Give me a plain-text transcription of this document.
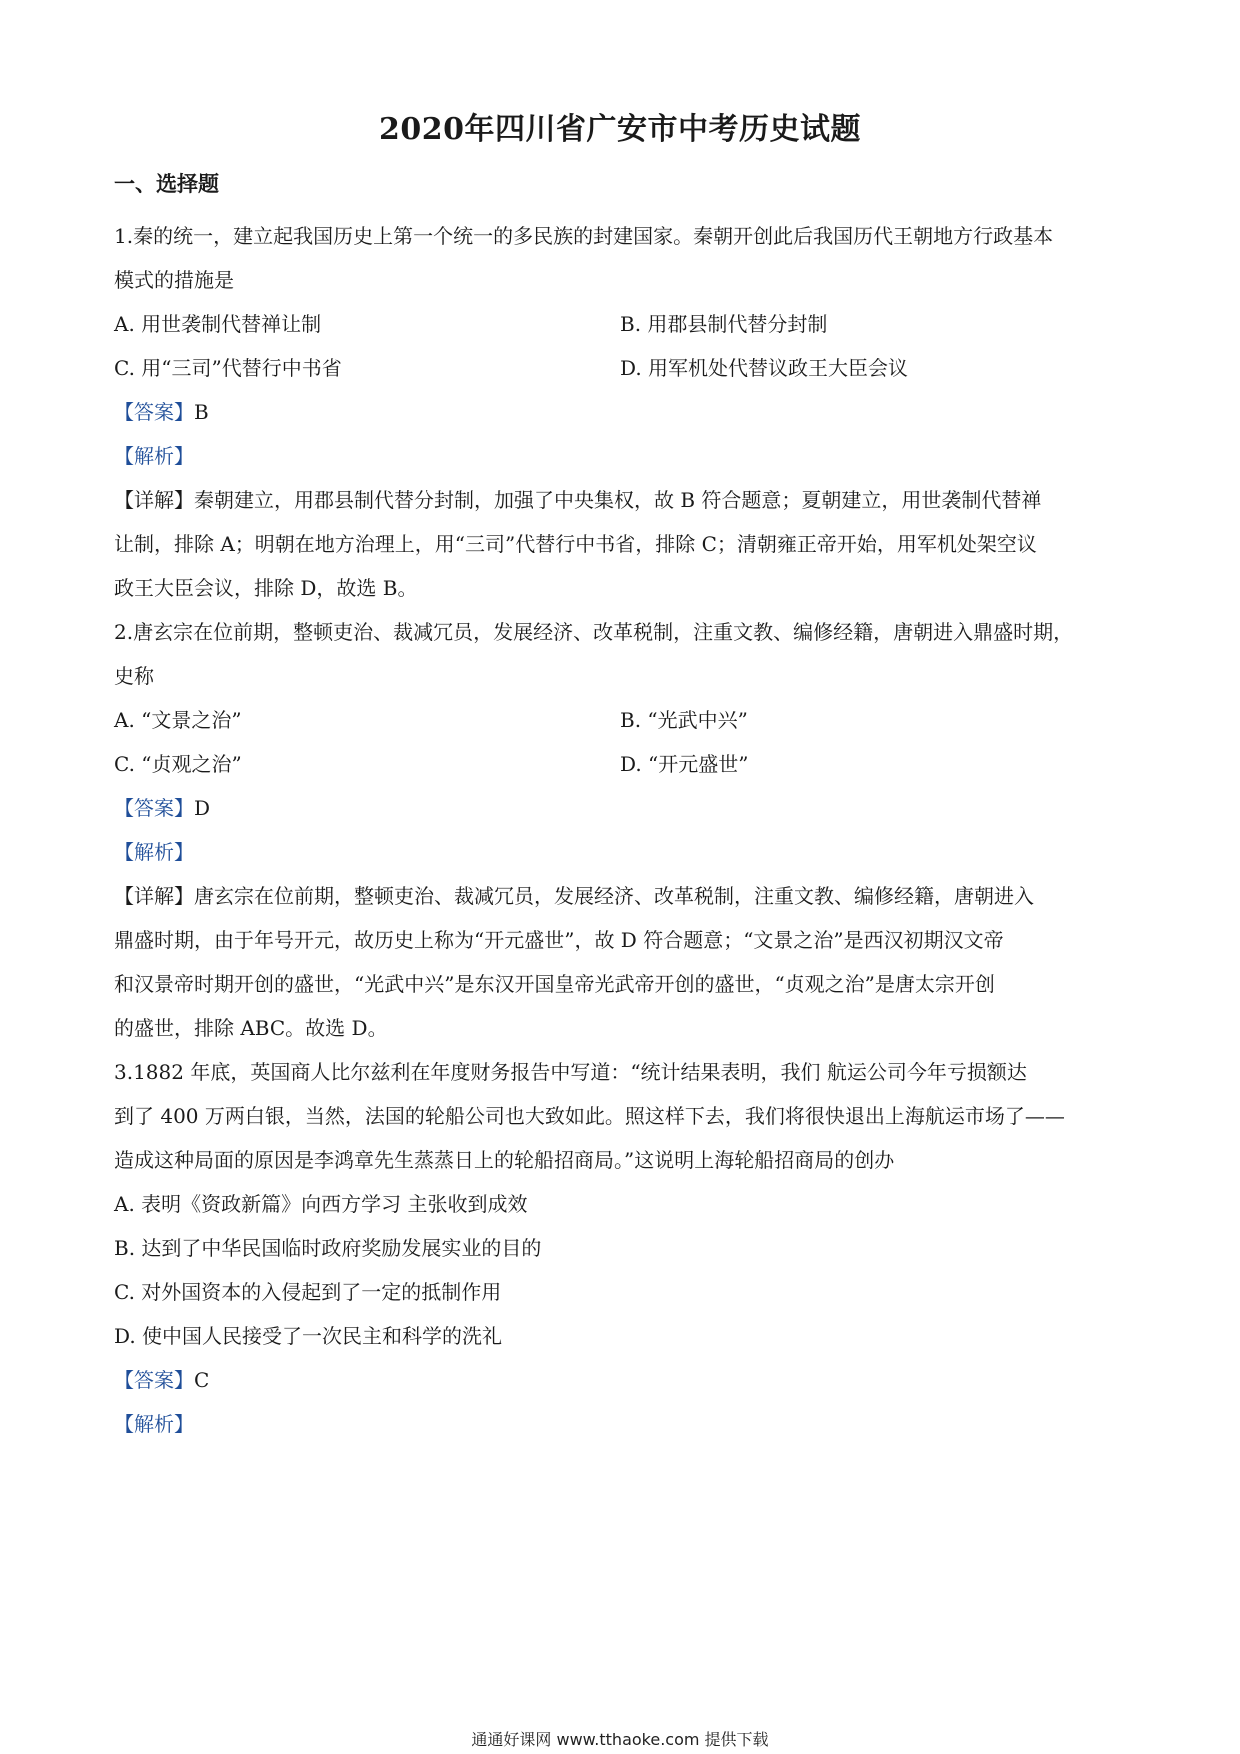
2020年四川省广安市中考历史试题
一、选择题
1.秦的统一，建立起我国历史上第一个统一的多民族的封建国家。秦朝开创此后我国历代王朝地方行政基本
模式的措施是
A. 用世袭制代替禅让制	B. 用郡县制代替分封制
C. 用“三司”代替行中书省	D. 用军机处代替议政王大臣会议
【答案】B
【解析】
【详解】秦朝建立，用郡县制代替分封制，加强了中央集权，故 B 符合题意；夏朝建立，用世袭制代替禅
让制，排除 A；明朝在地方治理上，用“三司”代替行中书省，排除 C；清朝雍正帝开始，用军机处架空议
政王大臣会议，排除 D，故选 B。
2.唐玄宗在位前期，整顿吏治、裁减冗员，发展经济、改革税制，注重文教、编修经籍，唐朝进入鼎盛时期，
史称
A. “文景之治”	B. “光武中兴”
C. “贞观之治”	D. “开元盛世”
【答案】D
【解析】
【详解】唐玄宗在位前期，整顿吏治、裁减冗员，发展经济、改革税制，注重文教、编修经籍，唐朝进入
鼎盛时期，由于年号开元，故历史上称为“开元盛世”，故 D 符合题意；“文景之治”是西汉初期汉文帝
和汉景帝时期开创的盛世，“光武中兴”是东汉开国皇帝光武帝开创的盛世，“贞观之治”是唐太宗开创
的盛世，排除 ABC。故选 D。
3.1882 年底，英国商人比尔兹利在年度财务报告中写道：“统计结果表明，我们 航运公司今年亏损额达
到了 400 万两白银，当然，法国的轮船公司也大致如此。照这样下去，我们将很快退出上海航运市场了——
造成这种局面的原因是李鸿章先生蒸蒸日上的轮船招商局。”这说明上海轮船招商局的创办
A. 表明《资政新篇》向西方学习 主张收到成效
B. 达到了中华民国临时政府奖励发展实业的目的
C. 对外国资本的入侵起到了一定的抵制作用
D. 使中国人民接受了一次民主和科学的洗礼
【答案】C
【解析】
通通好课网 www.tthaoke.com 提供下载
